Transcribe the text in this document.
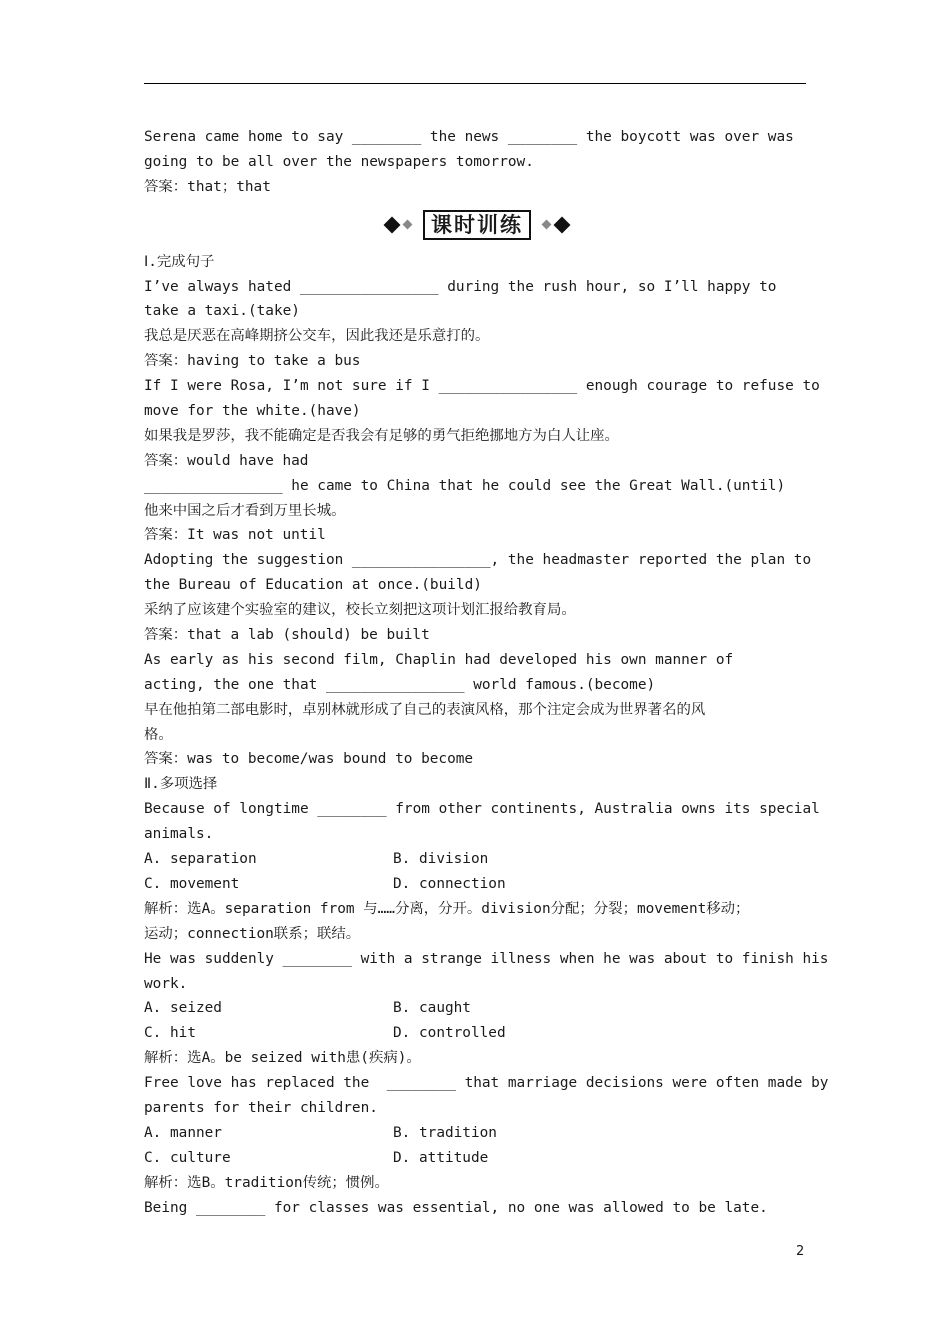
Serena came home to say ________ the news ________ the boycott was over was
going to be all over the newspapers tomorrow.
答案：that；that
课时训练
Ⅰ.完成句子
I’ve always hated ________________ during the rush hour, so I’ll happy to
take a taxi.(take)
我总是厌恶在高峰期挤公交车，因此我还是乐意打的。
答案：having to take a bus
If I were Rosa, I’m not sure if I ________________ enough courage to refuse to
move for the white.(have)
如果我是罗莎，我不能确定是否我会有足够的勇气拒绝挪地方为白人让座。
答案：would have had
________________ he came to China that he could see the Great Wall.(until)
他来中国之后才看到万里长城。
答案：It was not until
Adopting the suggestion ________________, the headmaster reported the plan to
the Bureau of Education at once.(build)
采纳了应该建个实验室的建议，校长立刻把这项计划汇报给教育局。
答案：that a lab (should) be built
As early as his second film, Chaplin had developed his own manner of
acting, the one that ________________ world famous.(become)
早在他拍第二部电影时，卓别林就形成了自己的表演风格，那个注定会成为世界著名的风
格。
答案：was to become/was bound to become
Ⅱ.多项选择
Because of longtime ________ from other continents, Australia owns its special
animals.
A. separation	B. division
C. movement	D. connection
解析：选A。separation from 与……分离，分开。division分配；分裂；movement移动；
运动；connection联系；联结。
He was suddenly ________ with a strange illness when he was about to finish his
work.
A. seized	B. caught
C. hit	D. controlled
解析：选A。be seized with患(疾病)。
Free love has replaced the  ________ that marriage decisions were often made by
parents for their children.
A. manner	B. tradition
C. culture	D. attitude
解析：选B。tradition传统；惯例。
Being ________ for classes was essential, no one was allowed to be late.
2
